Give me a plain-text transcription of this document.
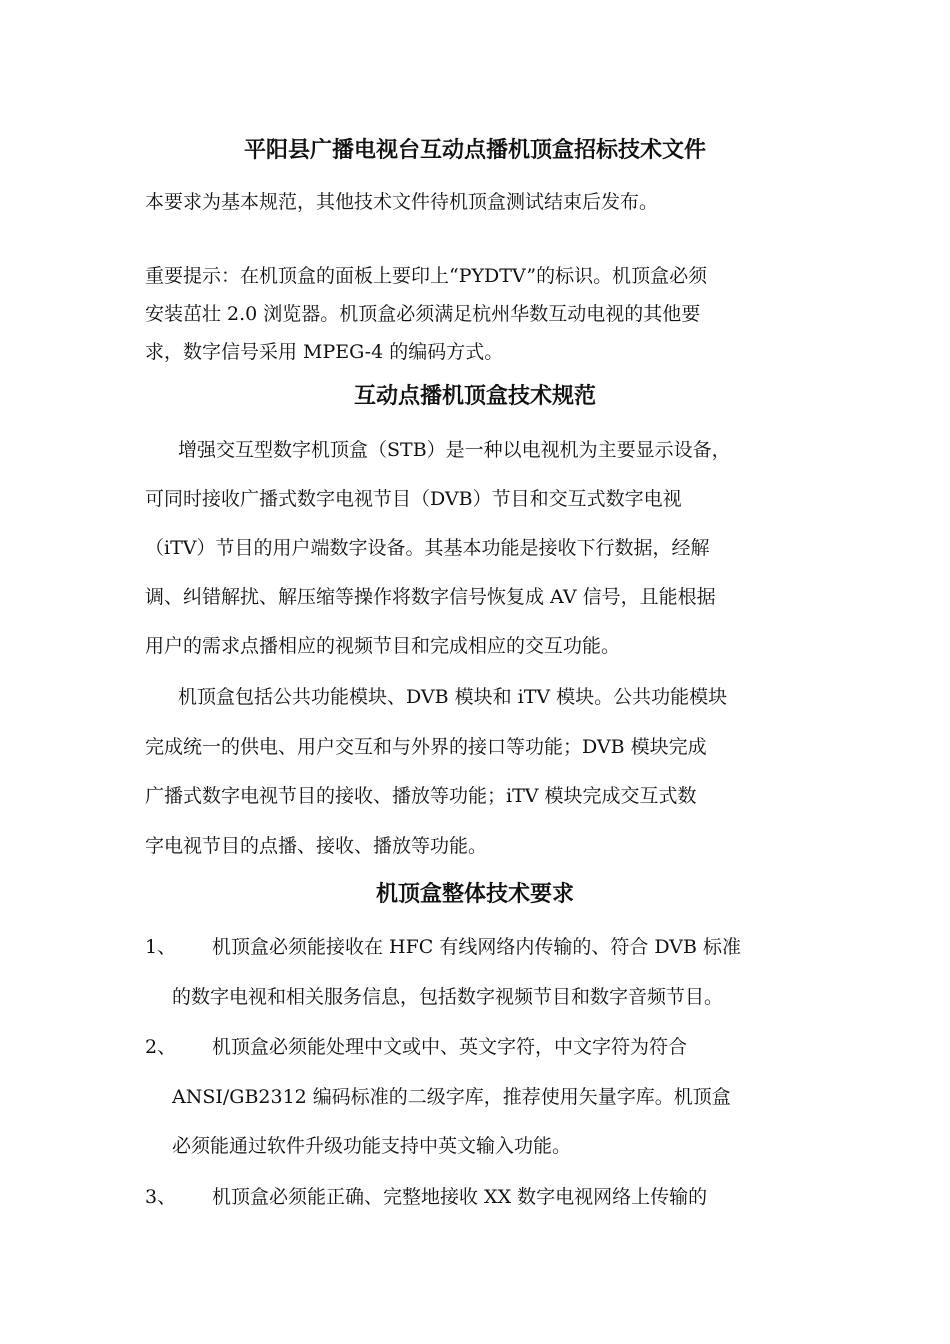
平阳县广播电视台互动点播机顶盒招标技术文件

本要求为基本规范，其他技术文件待机顶盒测试结束后发布。

重要提示：在机顶盒的面板上要印上“PYDTV”的标识。机顶盒必须

安装茁壮 2.0 浏览器。机顶盒必须满足杭州华数互动电视的其他要

求，数字信号采用 MPEG-4 的编码方式。

互动点播机顶盒技术规范

增强交互型数字机顶盒（STB）是一种以电视机为主要显示设备，

可同时接收广播式数字电视节目（DVB）节目和交互式数字电视

（iTV）节目的用户端数字设备。其基本功能是接收下行数据，经解

调、纠错解扰、解压缩等操作将数字信号恢复成 AV 信号，且能根据

用户的需求点播相应的视频节目和完成相应的交互功能。

机顶盒包括公共功能模块、DVB 模块和 iTV 模块。公共功能模块

完成统一的供电、用户交互和与外界的接口等功能；DVB 模块完成

广播式数字电视节目的接收、播放等功能；iTV 模块完成交互式数

字电视节目的点播、接收、播放等功能。

机顶盒整体技术要求

1、 机顶盒必须能接收在 HFC 有线网络内传输的、符合 DVB 标准

的数字电视和相关服务信息，包括数字视频节目和数字音频节目。

2、 机顶盒必须能处理中文或中、英文字符，中文字符为符合

ANSI/GB2312 编码标准的二级字库，推荐使用矢量字库。机顶盒

必须能通过软件升级功能支持中英文输入功能。

3、 机顶盒必须能正确、完整地接收 XX 数字电视网络上传输的
